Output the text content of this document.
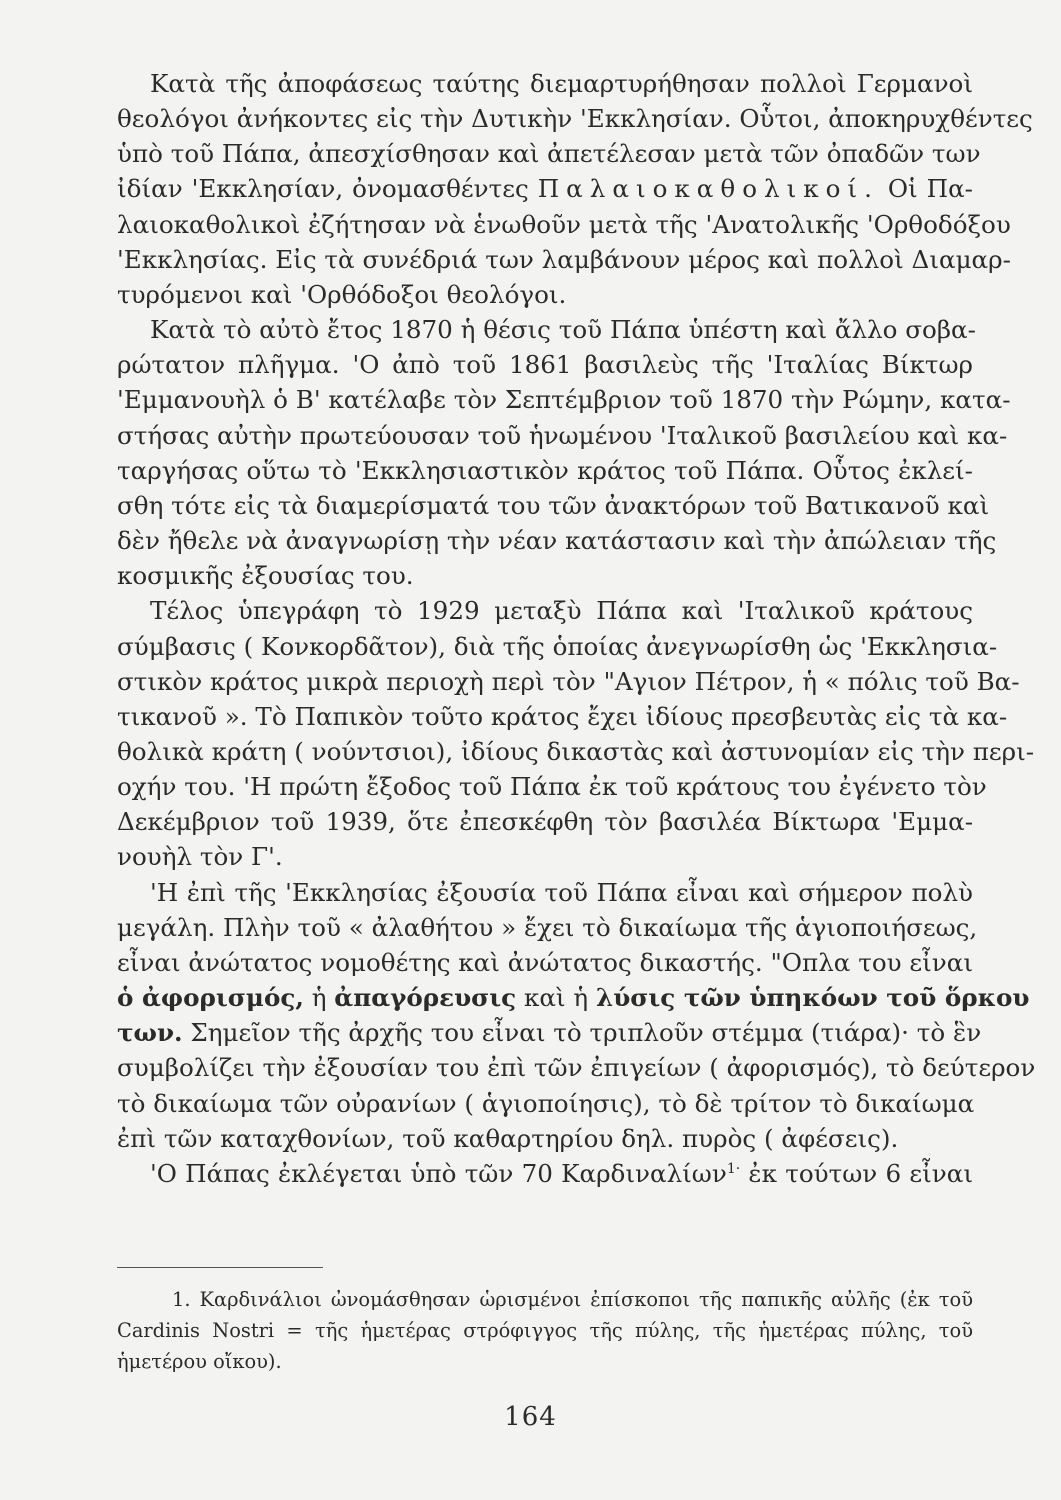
Κατὰ τῆς ἀποφάσεως ταύτης διεμαρτυρήθησαν πολλοὶ Γερμανοὶ
θεολόγοι ἀνήκοντες εἰς τὴν Δυτικὴν 'Εκκλησίαν. Οὗτοι, ἀποκηρυχθέντες
ὑπὸ τοῦ Πάπα, ἀπεσχίσθησαν καὶ ἀπετέλεσαν μετὰ τῶν ὀπαδῶν των
ἰδίαν 'Εκκλησίαν, ὀνομασθέντες Παλαιοκαθολικοί. Οἱ Πα-
λαιοκαθολικοὶ ἐζήτησαν νὰ ἑνωθοῦν μετὰ τῆς 'Ανατολικῆς 'Ορθοδόξου
'Εκκλησίας. Εἰς τὰ συνέδριά των λαμβάνουν μέρος καὶ πολλοὶ Διαμαρ-
τυρόμενοι καὶ 'Ορθόδοξοι θεολόγοι.
Κατὰ τὸ αὐτὸ ἔτος 1870 ἡ θέσις τοῦ Πάπα ὑπέστη καὶ ἄλλο σοβα-
ρώτατον πλῆγμα. 'Ο ἀπὸ τοῦ 1861 βασιλεὺς τῆς 'Ιταλίας Βίκτωρ
'Εμμανουὴλ ὁ Β' κατέλαβε τὸν Σεπτέμβριον τοῦ 1870 τὴν Ρώμην, κατα-
στήσας αὐτὴν πρωτεύουσαν τοῦ ἡνωμένου 'Ιταλικοῦ βασιλείου καὶ κα-
ταργήσας οὕτω τὸ 'Εκκλησιαστικὸν κράτος τοῦ Πάπα. Οὗτος ἐκλεί-
σθη τότε εἰς τὰ διαμερίσματά του τῶν ἀνακτόρων τοῦ Βατικανοῦ καὶ
δὲν ἤθελε νὰ ἀναγνωρίσῃ τὴν νέαν κατάστασιν καὶ τὴν ἀπώλειαν τῆς
κοσμικῆς ἐξουσίας του.
Τέλος ὑπεγράφη τὸ 1929 μεταξὺ Πάπα καὶ 'Ιταλικοῦ κράτους
σύμβασις ( Κονκορδᾶτον), διὰ τῆς ὁποίας ἀνεγνωρίσθη ὡς 'Εκκλησια-
στικὸν κράτος μικρὰ περιοχὴ περὶ τὸν "Αγιον Πέτρον, ἡ « πόλις τοῦ Βα-
τικανοῦ ». Τὸ Παπικὸν τοῦτο κράτος ἔχει ἰδίους πρεσβευτὰς εἰς τὰ κα-
θολικὰ κράτη ( νούντσιοι), ἰδίους δικαστὰς καὶ ἀστυνομίαν εἰς τὴν περι-
οχήν του. 'Η πρώτη ἔξοδος τοῦ Πάπα ἐκ τοῦ κράτους του ἐγένετο τὸν
Δεκέμβριον τοῦ 1939, ὅτε ἐπεσκέφθη τὸν βασιλέα Βίκτωρα 'Εμμα-
νουὴλ τὸν Γ'.
'Η ἐπὶ τῆς 'Εκκλησίας ἐξουσία τοῦ Πάπα εἶναι καὶ σήμερον πολὺ
μεγάλη. Πλὴν τοῦ « ἀλαθήτου » ἔχει τὸ δικαίωμα τῆς ἁγιοποιήσεως,
εἶναι ἀνώτατος νομοθέτης καὶ ἀνώτατος δικαστής. "Οπλα του εἶναι
ὁ ἀφορισμός, ἡ ἀπαγόρευσις καὶ ἡ λύσις τῶν ὑπηκόων τοῦ ὅρκου
των. Σημεῖον τῆς ἀρχῆς του εἶναι τὸ τριπλοῦν στέμμα (τιάρα)· τὸ ἓν
συμβολίζει τὴν ἐξουσίαν του ἐπὶ τῶν ἐπιγείων ( ἀφορισμός), τὸ δεύτερον
τὸ δικαίωμα τῶν οὐρανίων ( ἁγιοποίησις), τὸ δὲ τρίτον τὸ δικαίωμα
ἐπὶ τῶν καταχθονίων, τοῦ καθαρτηρίου δηλ. πυρὸς ( ἀφέσεις).
'Ο Πάπας ἐκλέγεται ὑπὸ τῶν 70 Καρδιναλίων$^{1\cdot}$ ἐκ τούτων 6 εἶναι
1. Καρδινάλιοι ὠνομάσθησαν ὡρισμένοι ἐπίσκοποι τῆς παπικῆς αὐλῆς (ἐκ τοῦ
Cardinis Nostri = τῆς ἡμετέρας στρόφιγγος τῆς πύλης, τῆς ἡμετέρας πύλης, τοῦ
ἡμετέρου οἴκου).
164
